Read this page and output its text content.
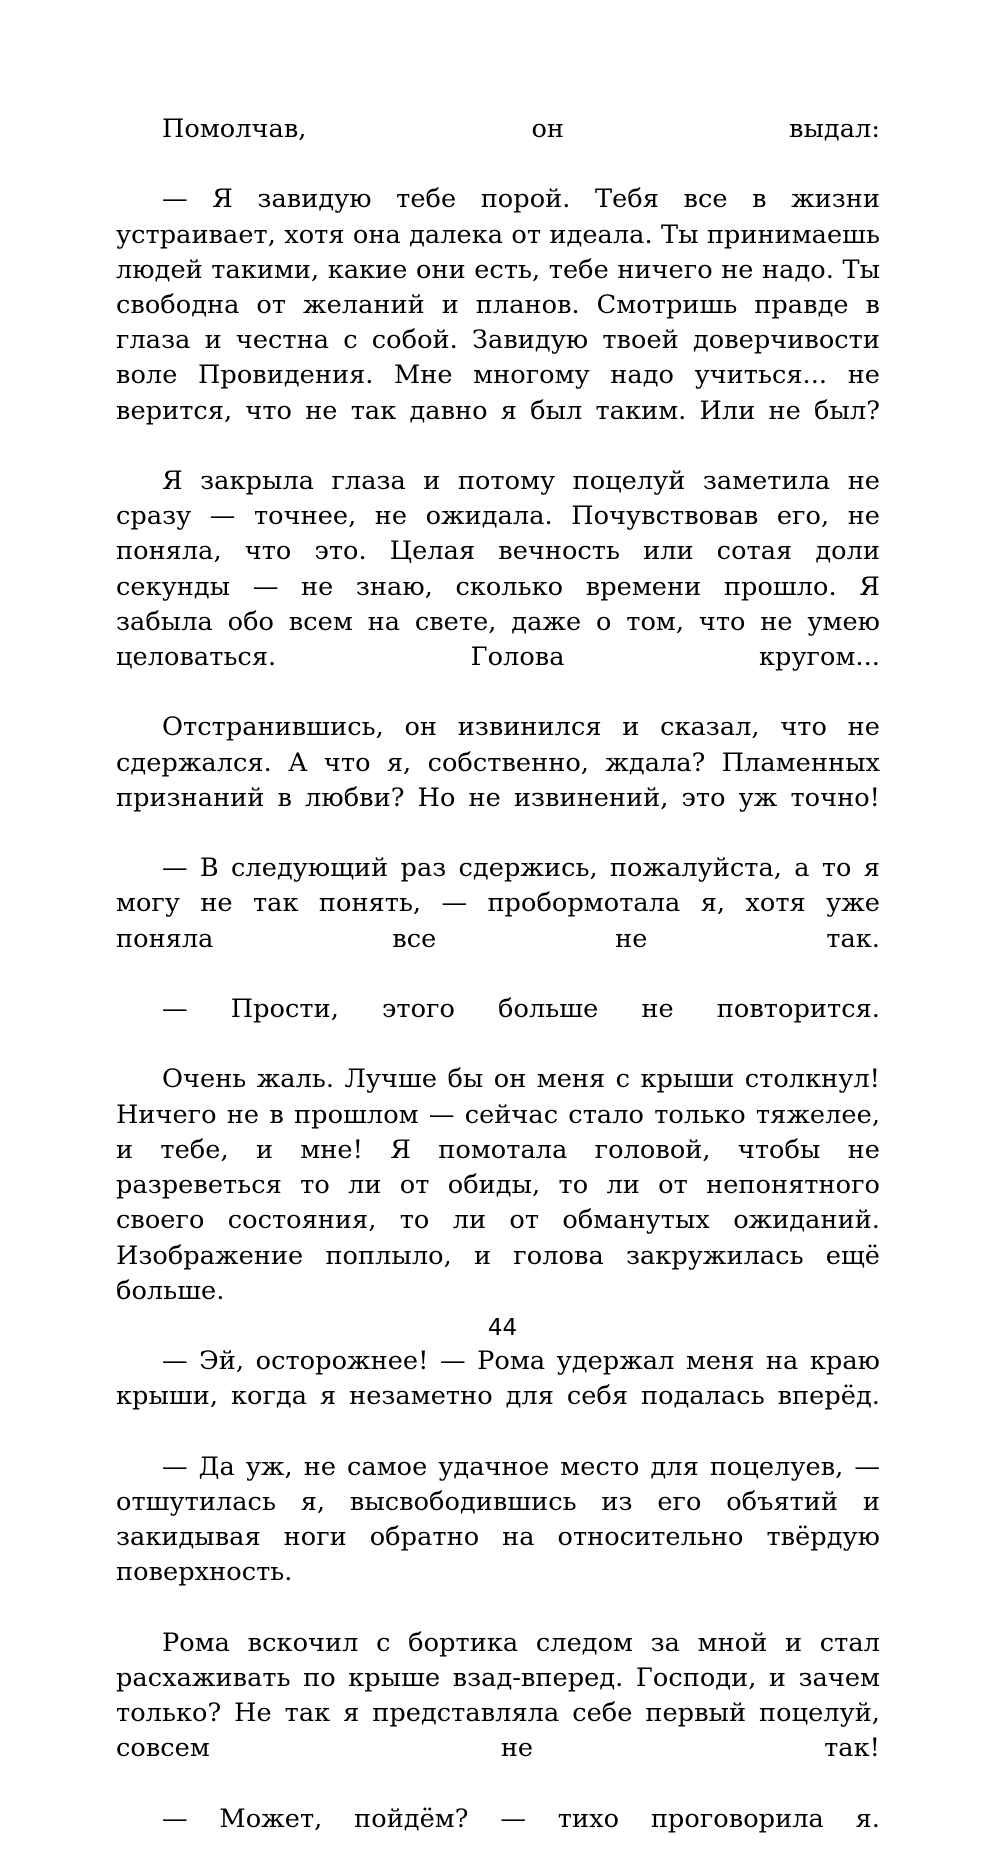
Помолчав, он выдал:

— Я завидую тебе порой. Тебя все в жизни устраивает, хотя она далека от идеала. Ты принимаешь людей такими, какие они есть, тебе ничего не надо. Ты свободна от желаний и планов. Смотришь правде в глаза и честна с собой. Завидую твоей доверчивости воле Провидения. Мне многому надо учиться... не верится, что не так давно я был таким. Или не был?

Я закрыла глаза и потому поцелуй заметила не сразу — точнее, не ожидала. Почувствовав его, не поняла, что это. Целая вечность или сотая доли секунды — не знаю, сколько времени прошло. Я забыла обо всем на свете, даже о том, что не умею целоваться. Голова кругом...

Отстранившись, он извинился и сказал, что не сдержался. А что я, собственно, ждала? Пламенных признаний в любви? Но не извинений, это уж точно!

— В следующий раз сдержись, пожалуйста, а то я могу не так понять, — пробормотала я, хотя уже поняла все не так.

— Прости, этого больше не повторится.

Очень жаль. Лучше бы он меня с крыши столкнул! Ничего не в прошлом — сейчас стало только тяжелее, и тебе, и мне! Я помотала головой, чтобы не разреветься то ли от обиды, то ли от непонятного своего состояния, то ли от обманутых ожиданий. Изображение поплыло, и голова закружилась ещё больше.

— Эй, осторожнее! — Рома удержал меня на краю крыши, когда я незаметно для себя подалась вперёд.

— Да уж, не самое удачное место для поцелуев, — отшутилась я, высвободившись из его объятий и закидывая ноги обратно на относительно твёрдую поверхность.

Рома вскочил с бортика следом за мной и стал расхаживать по крыше взад-вперед. Господи, и зачем только? Не так я представляла себе первый поцелуй, совсем не так!

— Может, пойдём? — тихо проговорила я.

44
